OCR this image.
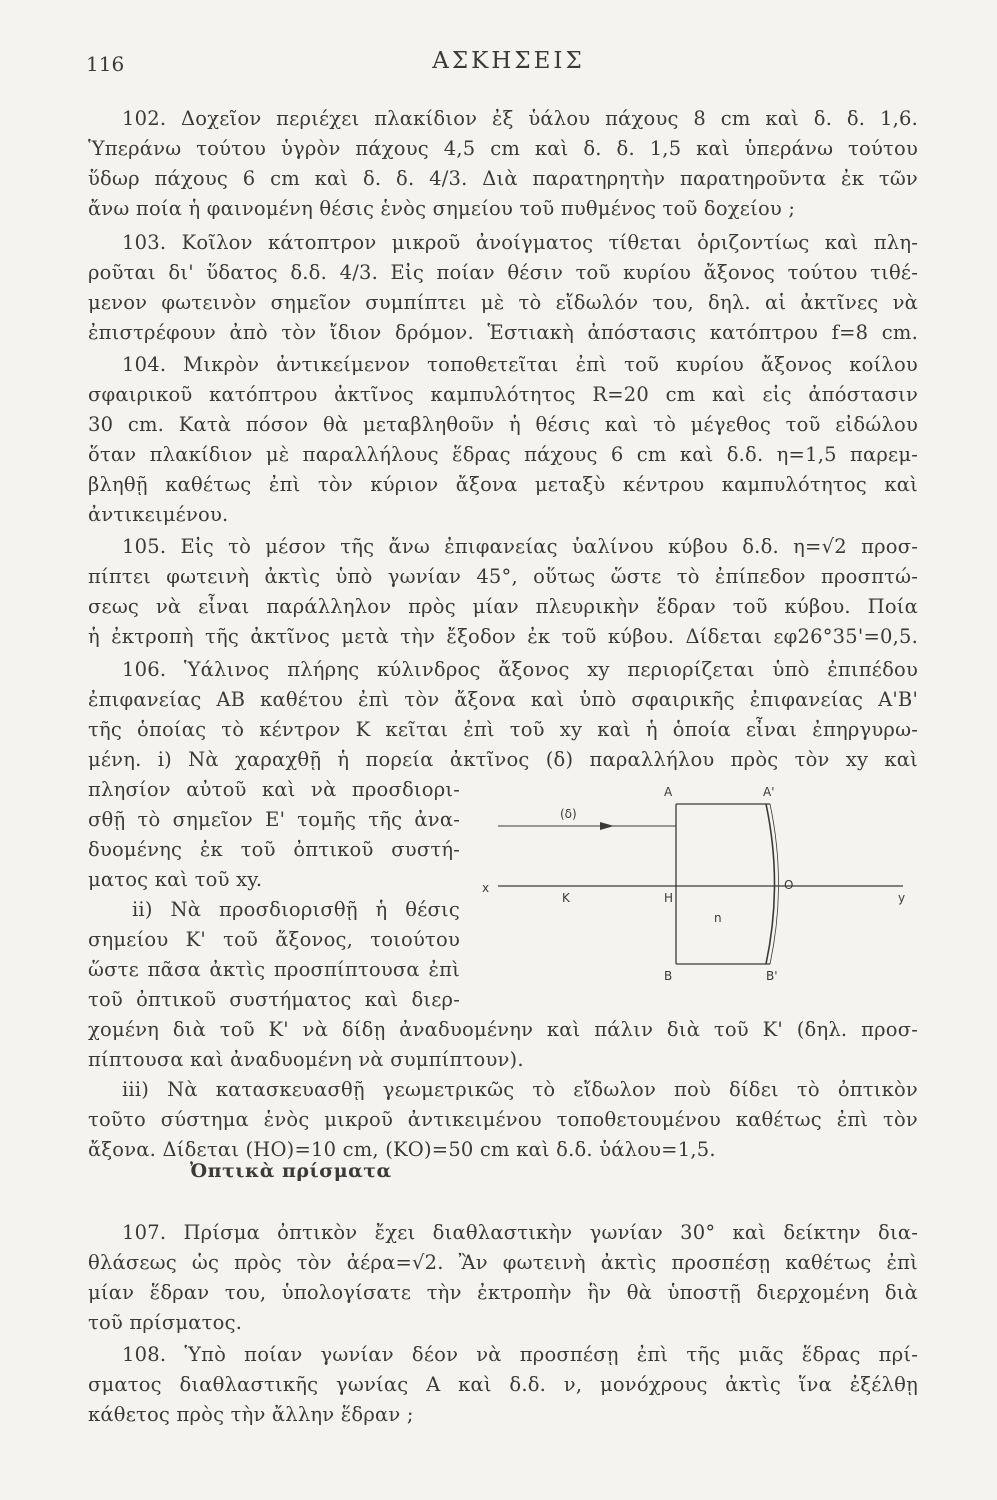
116	ΑΣΚΗΣΕΙΣ
102. Δοχεῖον περιέχει πλακίδιον ἐξ ὑάλου πάχους 8 cm καὶ δ. δ. 1,6.
Ὑπεράνω τούτου ὑγρὸν πάχους 4,5 cm καὶ δ. δ. 1,5 καὶ ὑπεράνω τούτου
ὕδωρ πάχους 6 cm καὶ δ. δ. 4/3. Διὰ παρατηρητὴν παρατηροῦντα ἐκ τῶν
ἄνω ποία ἡ φαινομένη θέσις ἑνὸς σημείου τοῦ πυθμένος τοῦ δοχείου ;
103. Κοῖλον κάτοπτρον μικροῦ ἀνοίγματος τίθεται ὁριζοντίως καὶ πλη-
ροῦται δι' ὕδατος δ.δ. 4/3. Εἰς ποίαν θέσιν τοῦ κυρίου ἄξονος τούτου τιθέ-
μενον φωτεινὸν σημεῖον συμπίπτει μὲ τὸ εἴδωλόν του, δηλ. αἱ ἀκτῖνες νὰ
ἐπιστρέφουν ἀπὸ τὸν ἴδιον δρόμον. Ἑστιακὴ ἀπόστασις κατόπτρου f=8 cm.
104. Μικρὸν ἀντικείμενον τοποθετεῖται ἐπὶ τοῦ κυρίου ἄξονος κοίλου
σφαιρικοῦ κατόπτρου ἀκτῖνος καμπυλότητος R=20 cm καὶ εἰς ἀπόστασιν
30 cm. Κατὰ πόσον θὰ μεταβληθοῦν ἡ θέσις καὶ τὸ μέγεθος τοῦ εἰδώλου
ὅταν πλακίδιον μὲ παραλλήλους ἕδρας πάχους 6 cm καὶ δ.δ. η=1,5 παρεμ-
βληθῇ καθέτως ἐπὶ τὸν κύριον ἄξονα μεταξὺ κέντρου καμπυλότητος καὶ
ἀντικειμένου.
105. Εἰς τὸ μέσον τῆς ἄνω ἐπιφανείας ὑαλίνου κύβου δ.δ. η=√2 προσ-
πίπτει φωτεινὴ ἀκτὶς ὑπὸ γωνίαν 45°, οὕτως ὥστε τὸ ἐπίπεδον προσπτώ-
σεως νὰ εἶναι παράλληλον πρὸς μίαν πλευρικὴν ἕδραν τοῦ κύβου. Ποία
ἡ ἐκτροπὴ τῆς ἀκτῖνος μετὰ τὴν ἔξοδον ἐκ τοῦ κύβου. Δίδεται εφ26°35'=0,5.
106. Ὑάλινος πλήρης κύλινδρος ἄξονος xy περιορίζεται ὑπὸ ἐπιπέδου
ἐπιφανείας ΑΒ καθέτου ἐπὶ τὸν ἄξονα καὶ ὑπὸ σφαιρικῆς ἐπιφανείας Α'Β'
τῆς ὁποίας τὸ κέντρον Κ κεῖται ἐπὶ τοῦ xy καὶ ἡ ὁποία εἶναι ἐπηργυρω-
μένη. i) Νὰ χαραχθῇ ἡ πορεία ἀκτῖνος (δ) παραλλήλου πρὸς τὸν xy καὶ
πλησίον αὐτοῦ καὶ νὰ προσδιορι-
σθῇ τὸ σημεῖον Ε' τομῆς τῆς ἀνα-
δυομένης ἐκ τοῦ ὀπτικοῦ συστή-
ματος καὶ τοῦ xy.
ii) Νὰ προσδιορισθῇ ἡ θέσις
σημείου Κ' τοῦ ἄξονος, τοιούτου
ὥστε πᾶσα ἀκτὶς προσπίπτουσα ἐπὶ
τοῦ ὀπτικοῦ συστήματος καὶ διερ-
A	A'
(δ)
x
K	H
O
y
n
B	B'
χομένη διὰ τοῦ Κ' νὰ δίδῃ ἀναδυομένην καὶ πάλιν διὰ τοῦ Κ' (δηλ. προσ-
πίπτουσα καὶ ἀναδυομένη νὰ συμπίπτουν).
iii) Νὰ κατασκευασθῇ γεωμετρικῶς τὸ εἴδωλον ποὺ δίδει τὸ ὀπτικὸν
τοῦτο σύστημα ἑνὸς μικροῦ ἀντικειμένου τοποθετουμένου καθέτως ἐπὶ τὸν
ἄξονα. Δίδεται (ΗΟ)=10 cm, (ΚΟ)=50 cm καὶ δ.δ. ὑάλου=1,5.
Ὀπτικὰ πρίσματα
107. Πρίσμα ὀπτικὸν ἔχει διαθλαστικὴν γωνίαν 30° καὶ δείκτην δια-
θλάσεως ὡς πρὸς τὸν ἀέρα=√2. Ἂν φωτεινὴ ἀκτὶς προσπέσῃ καθέτως ἐπὶ
μίαν ἕδραν του, ὑπολογίσατε τὴν ἐκτροπὴν ἣν θὰ ὑποστῇ διερχομένη διὰ
τοῦ πρίσματος.
108. Ὑπὸ ποίαν γωνίαν δέον νὰ προσπέσῃ ἐπὶ τῆς μιᾶς ἕδρας πρί-
σματος διαθλαστικῆς γωνίας Α καὶ δ.δ. ν, μονόχρους ἀκτὶς ἵνα ἐξέλθῃ
κάθετος πρὸς τὴν ἄλλην ἕδραν ;
